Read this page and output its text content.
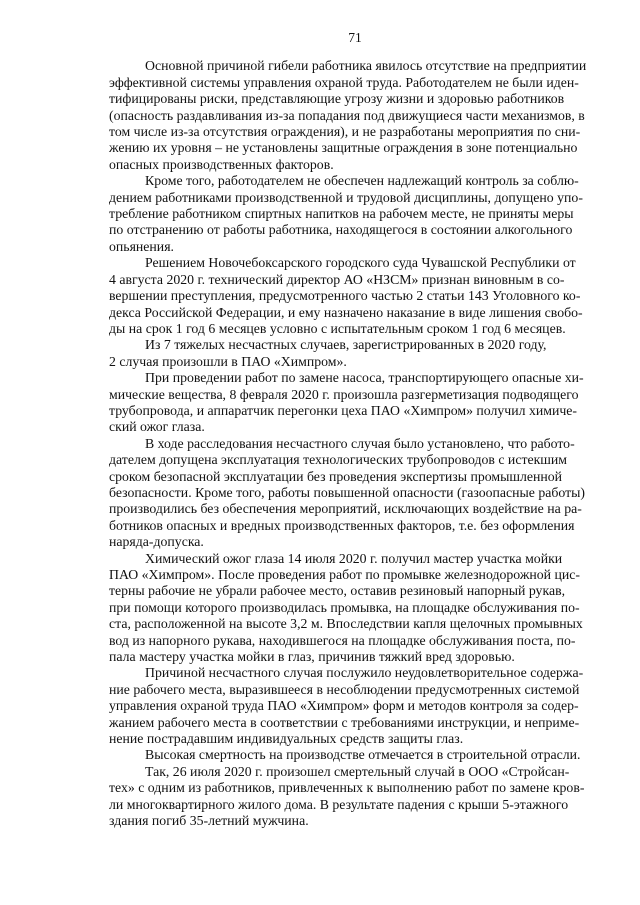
71

Основной причиной гибели работника явилось отсутствие на предприятии
эффективной системы управления охраной труда. Работодателем не были иден-
тифицированы риски, представляющие угрозу жизни и здоровью работников
(опасность раздавливания из-за попадания под движущиеся части механизмов, в
том числе из-за отсутствия ограждения), и не разработаны мероприятия по сни-
жению их уровня – не установлены защитные ограждения в зоне потенциально
опасных производственных факторов.

Кроме того, работодателем не обеспечен надлежащий контроль за соблю-
дением работниками производственной и трудовой дисциплины, допущено упо-
требление работником спиртных напитков на рабочем месте, не приняты меры
по отстранению от работы работника, находящегося в состоянии алкогольного
опьянения.

Решением Новочебоксарского городского суда Чувашской Республики от
4 августа 2020 г. технический директор АО «НЗСМ» признан виновным в со-
вершении преступления, предусмотренного частью 2 статьи 143 Уголовного ко-
декса Российской Федерации, и ему назначено наказание в виде лишения свобо-
ды на срок 1 год 6 месяцев условно с испытательным сроком 1 год 6 месяцев.

Из 7 тяжелых несчастных случаев, зарегистрированных в 2020 году,
2 случая произошли в ПАО «Химпром».

При проведении работ по замене насоса, транспортирующего опасные хи-
мические вещества, 8 февраля 2020 г. произошла разгерметизация подводящего
трубопровода, и аппаратчик перегонки цеха ПАО «Химпром» получил химиче-
ский ожог глаза.

В ходе расследования несчастного случая было установлено, что работо-
дателем допущена эксплуатация технологических трубопроводов с истекшим
сроком безопасной эксплуатации без проведения экспертизы промышленной
безопасности. Кроме того, работы повышенной опасности (газоопасные работы)
производились без обеспечения мероприятий, исключающих воздействие на ра-
ботников опасных и вредных производственных факторов, т.е. без оформления
наряда-допуска.

Химический ожог глаза 14 июля 2020 г. получил мастер участка мойки
ПАО «Химпром». После проведения работ по промывке железнодорожной цис-
терны рабочие не убрали рабочее место, оставив резиновый напорный рукав,
при помощи которого производилась промывка, на площадке обслуживания по-
ста, расположенной на высоте 3,2 м. Впоследствии капля щелочных промывных
вод из напорного рукава, находившегося на площадке обслуживания поста, по-
пала мастеру участка мойки в глаз, причинив тяжкий вред здоровью.

Причиной несчастного случая послужило неудовлетворительное содержа-
ние рабочего места, выразившееся в несоблюдении предусмотренных системой
управления охраной труда ПАО «Химпром» форм и методов контроля за содер-
жанием рабочего места в соответствии с требованиями инструкции, и неприме-
нение пострадавшим индивидуальных средств защиты глаз.

Высокая смертность на производстве отмечается в строительной отрасли.

Так, 26 июля 2020 г. произошел смертельный случай в ООО «Стройсан-
тех» с одним из работников, привлеченных к выполнению работ по замене кров-
ли многоквартирного жилого дома. В результате падения с крыши 5-этажного
здания погиб 35-летний мужчина.
